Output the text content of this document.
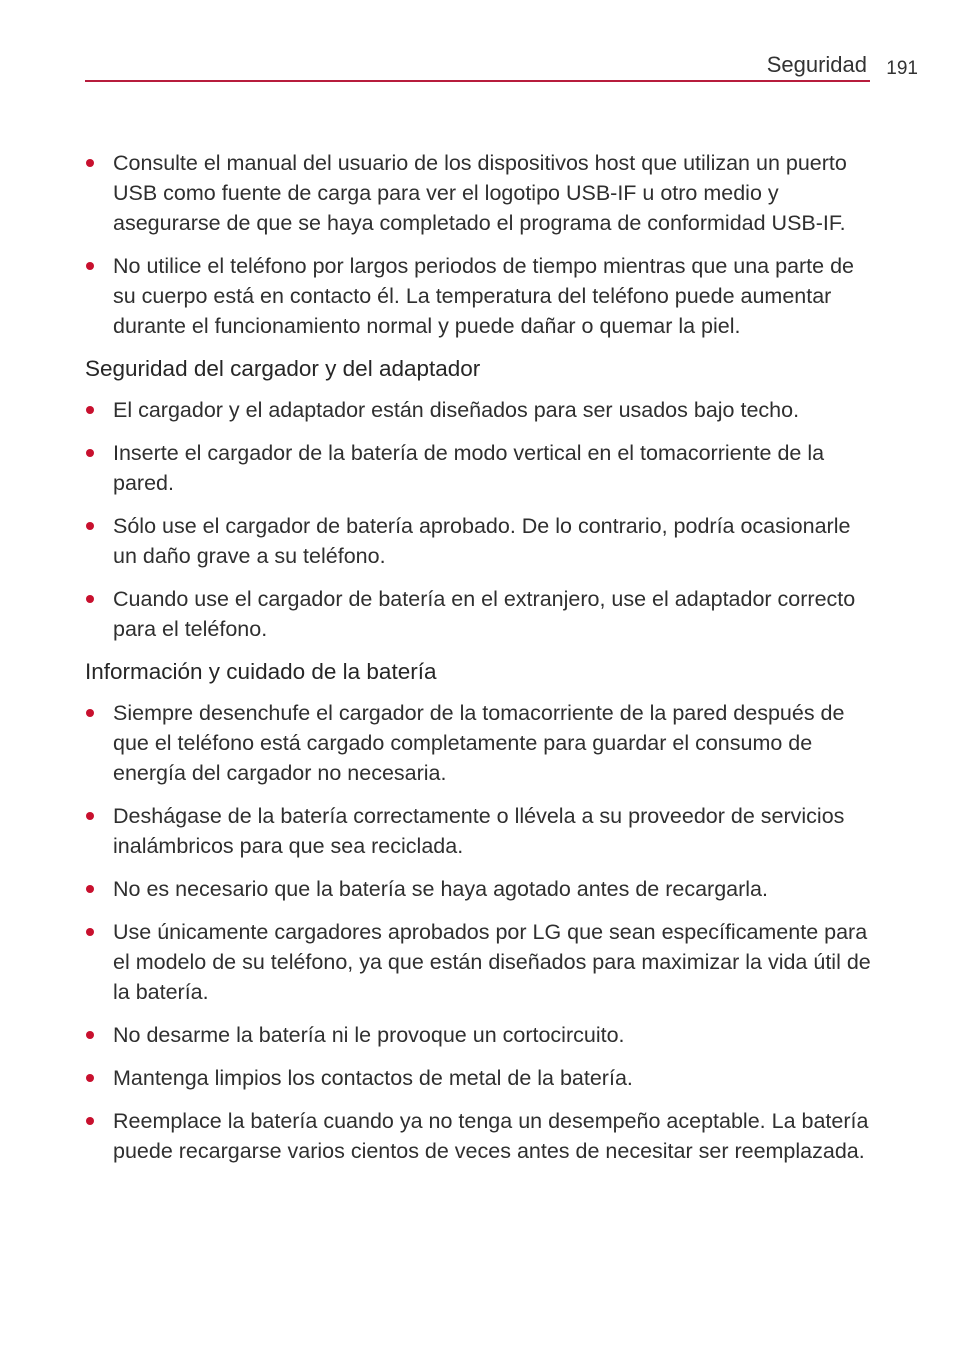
Seguridad 191
Consulte el manual del usuario de los dispositivos host que utilizan un puerto USB como fuente de carga para ver el logotipo USB-IF u otro medio y asegurarse de que se haya completado el programa de conformidad USB-IF.
No utilice el teléfono por largos periodos de tiempo mientras que una parte de su cuerpo está en contacto él. La temperatura del teléfono puede aumentar durante el funcionamiento normal y puede dañar o quemar la piel.
Seguridad del cargador y del adaptador
El cargador y el adaptador están diseñados para ser usados bajo techo.
Inserte el cargador de la batería de modo vertical en el tomacorriente de la pared.
Sólo use el cargador de batería aprobado. De lo contrario, podría ocasionarle un daño grave a su teléfono.
Cuando use el cargador de batería en el extranjero, use el adaptador correcto para el teléfono.
Información y cuidado de la batería
Siempre desenchufe el cargador de la tomacorriente de la pared después de que el teléfono está cargado completamente para guardar el consumo de energía del cargador no necesaria.
Deshágase de la batería correctamente o llévela a su proveedor de servicios inalámbricos para que sea reciclada.
No es necesario que la batería se haya agotado antes de recargarla.
Use únicamente cargadores aprobados por LG que sean específicamente para el modelo de su teléfono, ya que están diseñados para maximizar la vida útil de la batería.
No desarme la batería ni le provoque un cortocircuito.
Mantenga limpios los contactos de metal de la batería.
Reemplace la batería cuando ya no tenga un desempeño aceptable. La batería puede recargarse varios cientos de veces antes de necesitar ser reemplazada.
